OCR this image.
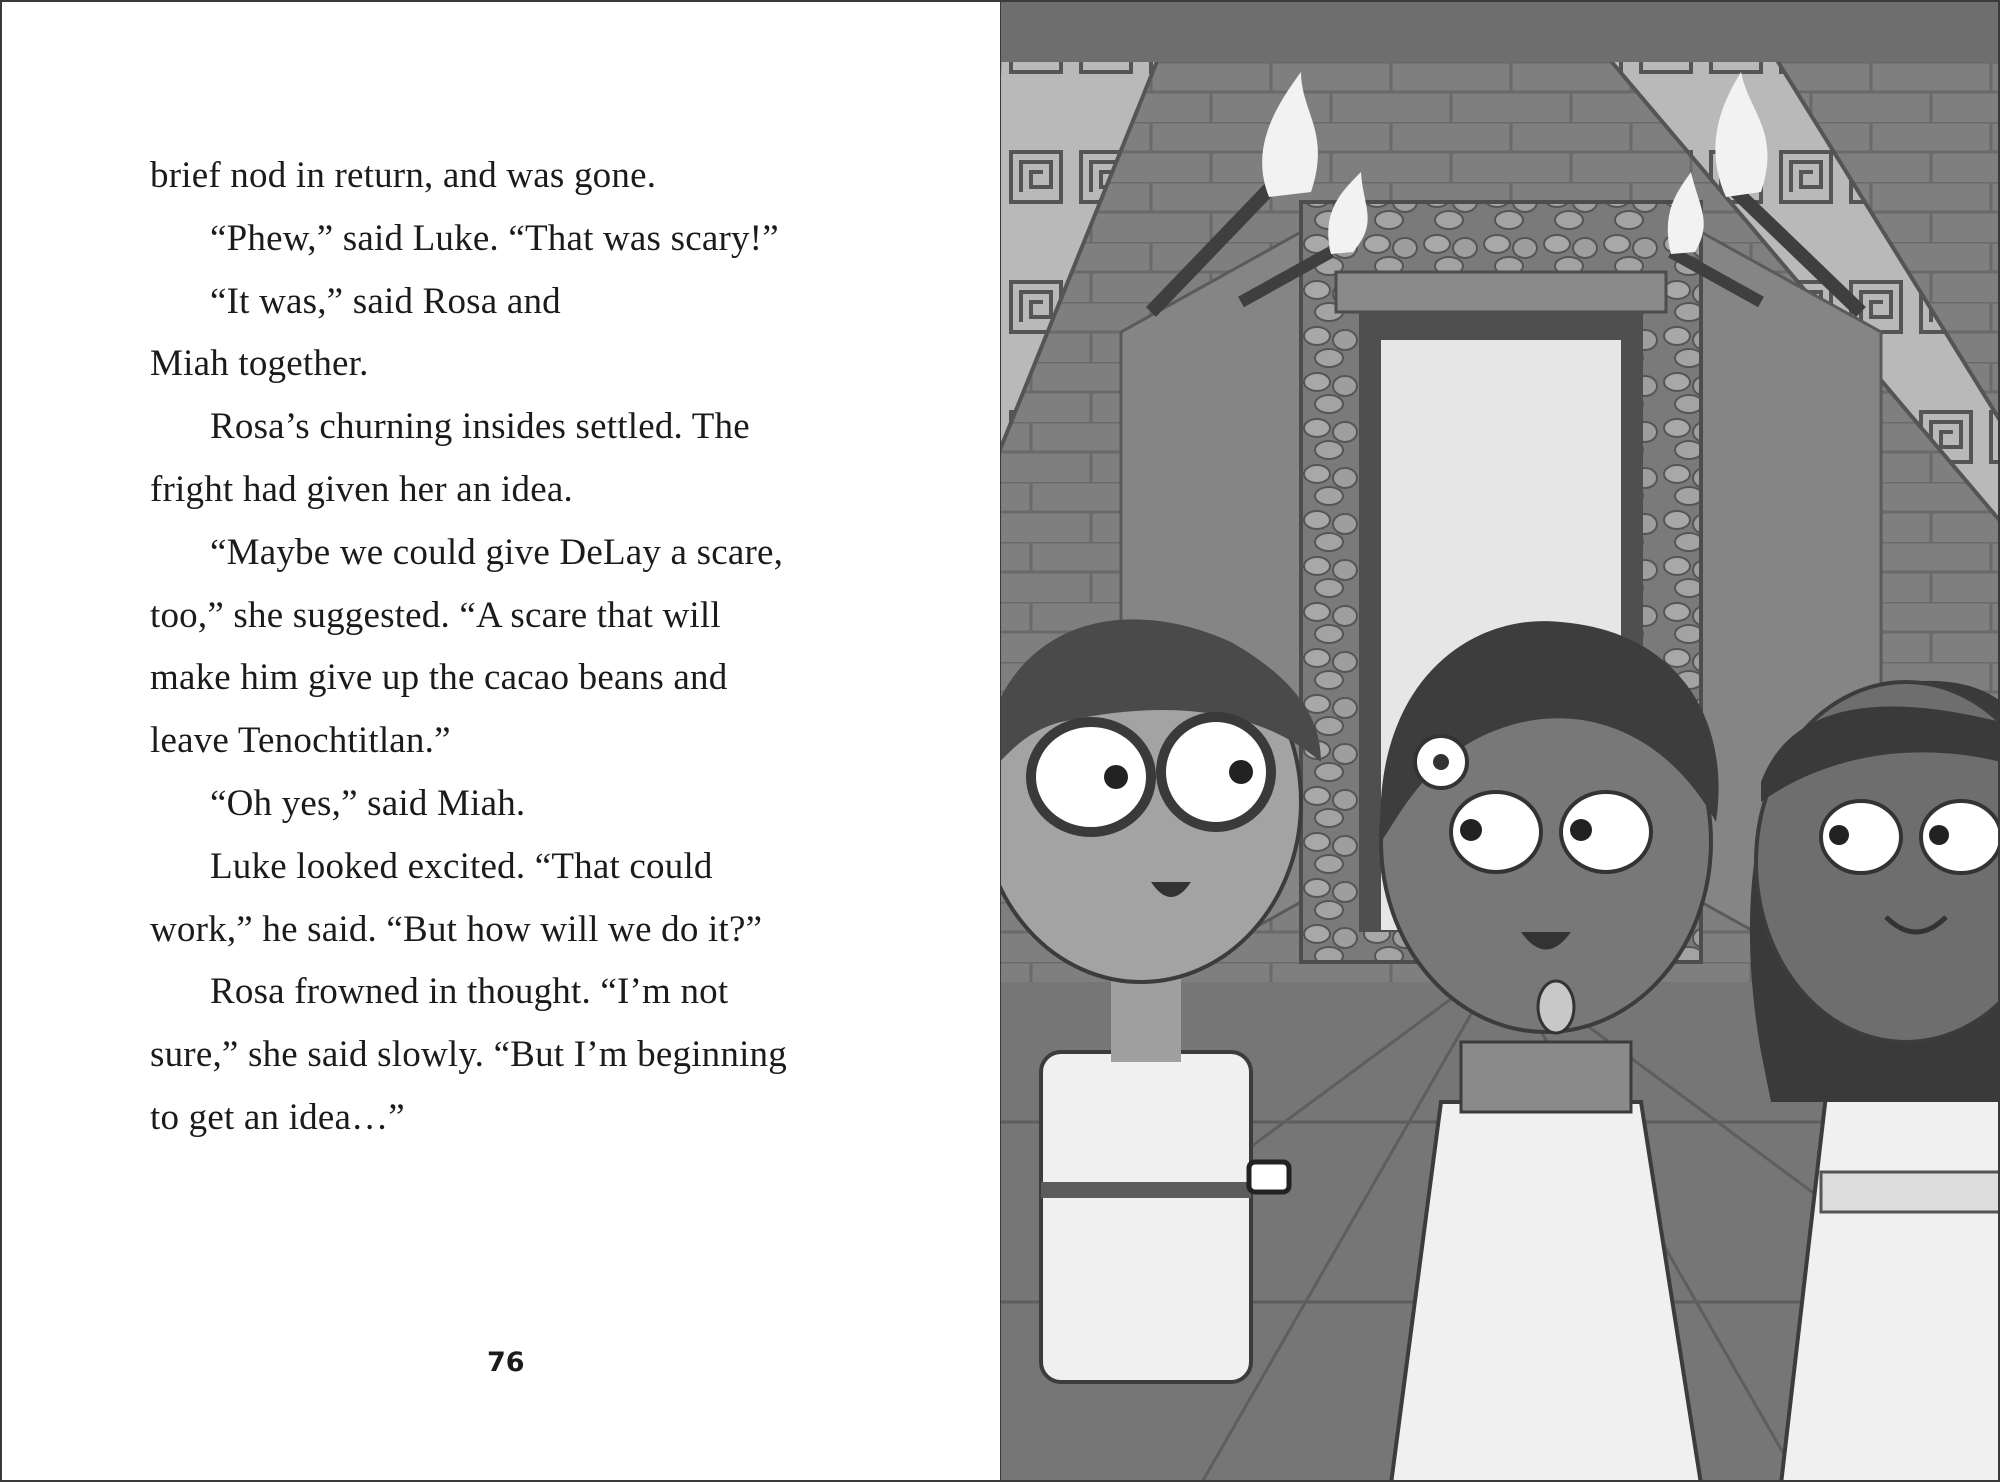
brief nod in return, and was gone.
“Phew,” said Luke. “That was scary!”
“It was,” said Rosa and
Miah together.
Rosa’s churning insides settled. The
fright had given her an idea.
“Maybe we could give DeLay a scare,
too,” she suggested. “A scare that will
make him give up the cacao beans and
leave Tenochtitlan.”
“Oh yes,” said Miah.
Luke looked excited. “That could
work,” he said. “But how will we do it?”
Rosa frowned in thought. “I’m not
sure,” she said slowly. “But I’m beginning
to get an idea…”
76
